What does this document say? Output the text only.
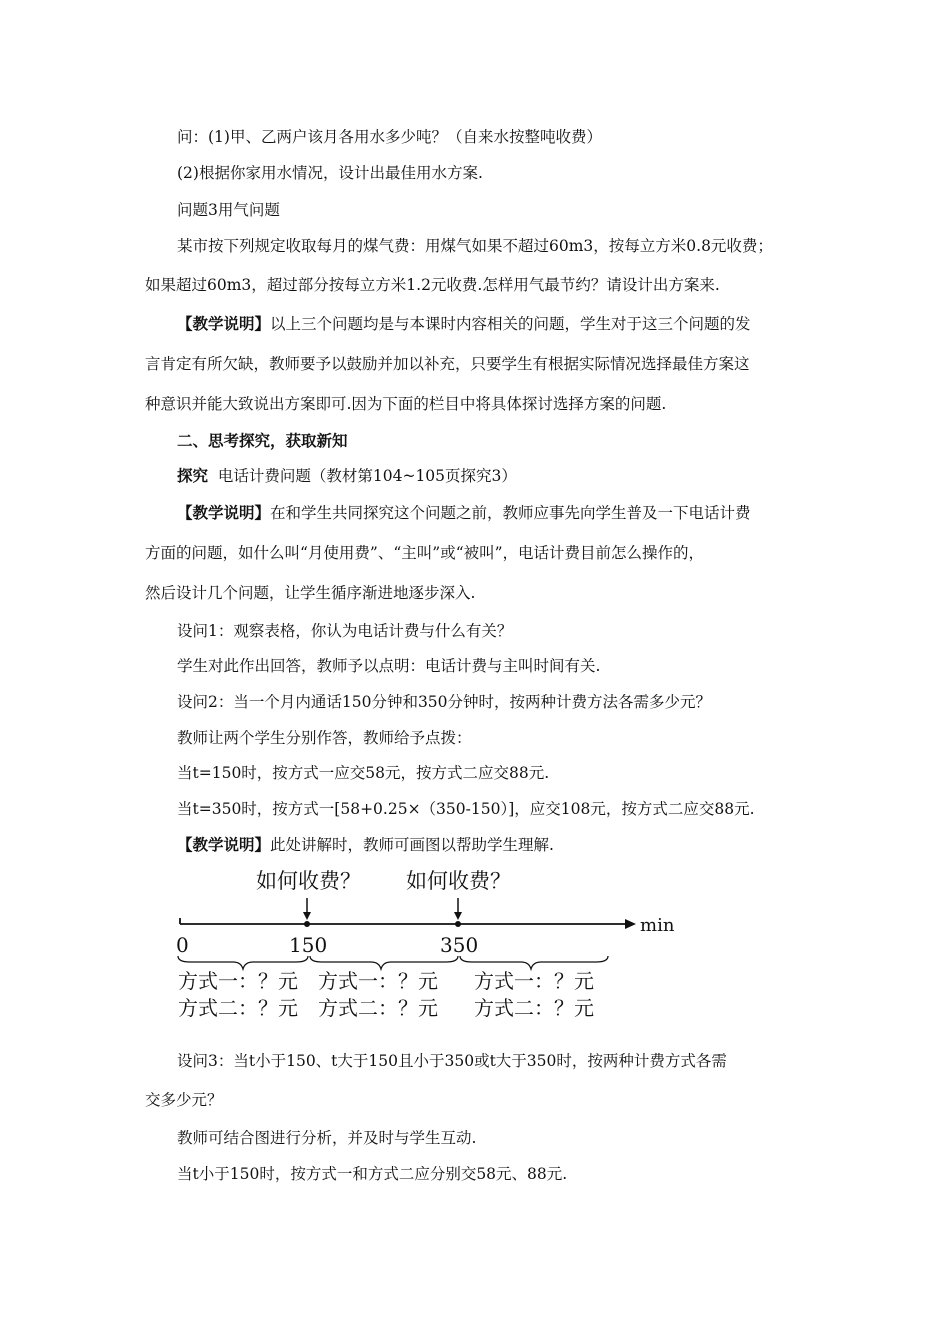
问：(1)甲、乙两户该月各用水多少吨？（自来水按整吨收费）
(2)根据你家用水情况，设计出最佳用水方案.
问题3用气问题
某市按下列规定收取每月的煤气费：用煤气如果不超过60m3，按每立方米0.8元收费；
如果超过60m3，超过部分按每立方米1.2元收费.怎样用气最节约？请设计出方案来.
【教学说明】以上三个问题均是与本课时内容相关的问题，学生对于这三个问题的发
言肯定有所欠缺，教师要予以鼓励并加以补充，只要学生有根据实际情况选择最佳方案这
种意识并能大致说出方案即可.因为下面的栏目中将具体探讨选择方案的问题.
二、思考探究，获取新知
探究 电话计费问题（教材第104~105页探究3）
【教学说明】在和学生共同探究这个问题之前，教师应事先向学生普及一下电话计费
方面的问题，如什么叫“月使用费”、“主叫”或“被叫”，电话计费目前怎么操作的，
然后设计几个问题，让学生循序渐进地逐步深入.
设问1：观察表格，你认为电话计费与什么有关？
学生对此作出回答，教师予以点明：电话计费与主叫时间有关.
设问2：当一个月内通话150分钟和350分钟时，按两种计费方法各需多少元？
教师让两个学生分别作答，教师给予点拨：
当t=150时，按方式一应交58元，按方式二应交88元.
当t=350时，按方式一[58+0.25×（350-150）]，应交108元，按方式二应交88元.
【教学说明】此处讲解时，教师可画图以帮助学生理解.
如何收费？ 如何收费？
min
0	150	350
方式一：？元 方式一：？元 方式一：？元
方式二：？元 方式二：？元 方式二：？元
设问3：当t小于150、t大于150且小于350或t大于350时，按两种计费方式各需
交多少元？
教师可结合图进行分析，并及时与学生互动.
当t小于150时，按方式一和方式二应分别交58元、88元.
